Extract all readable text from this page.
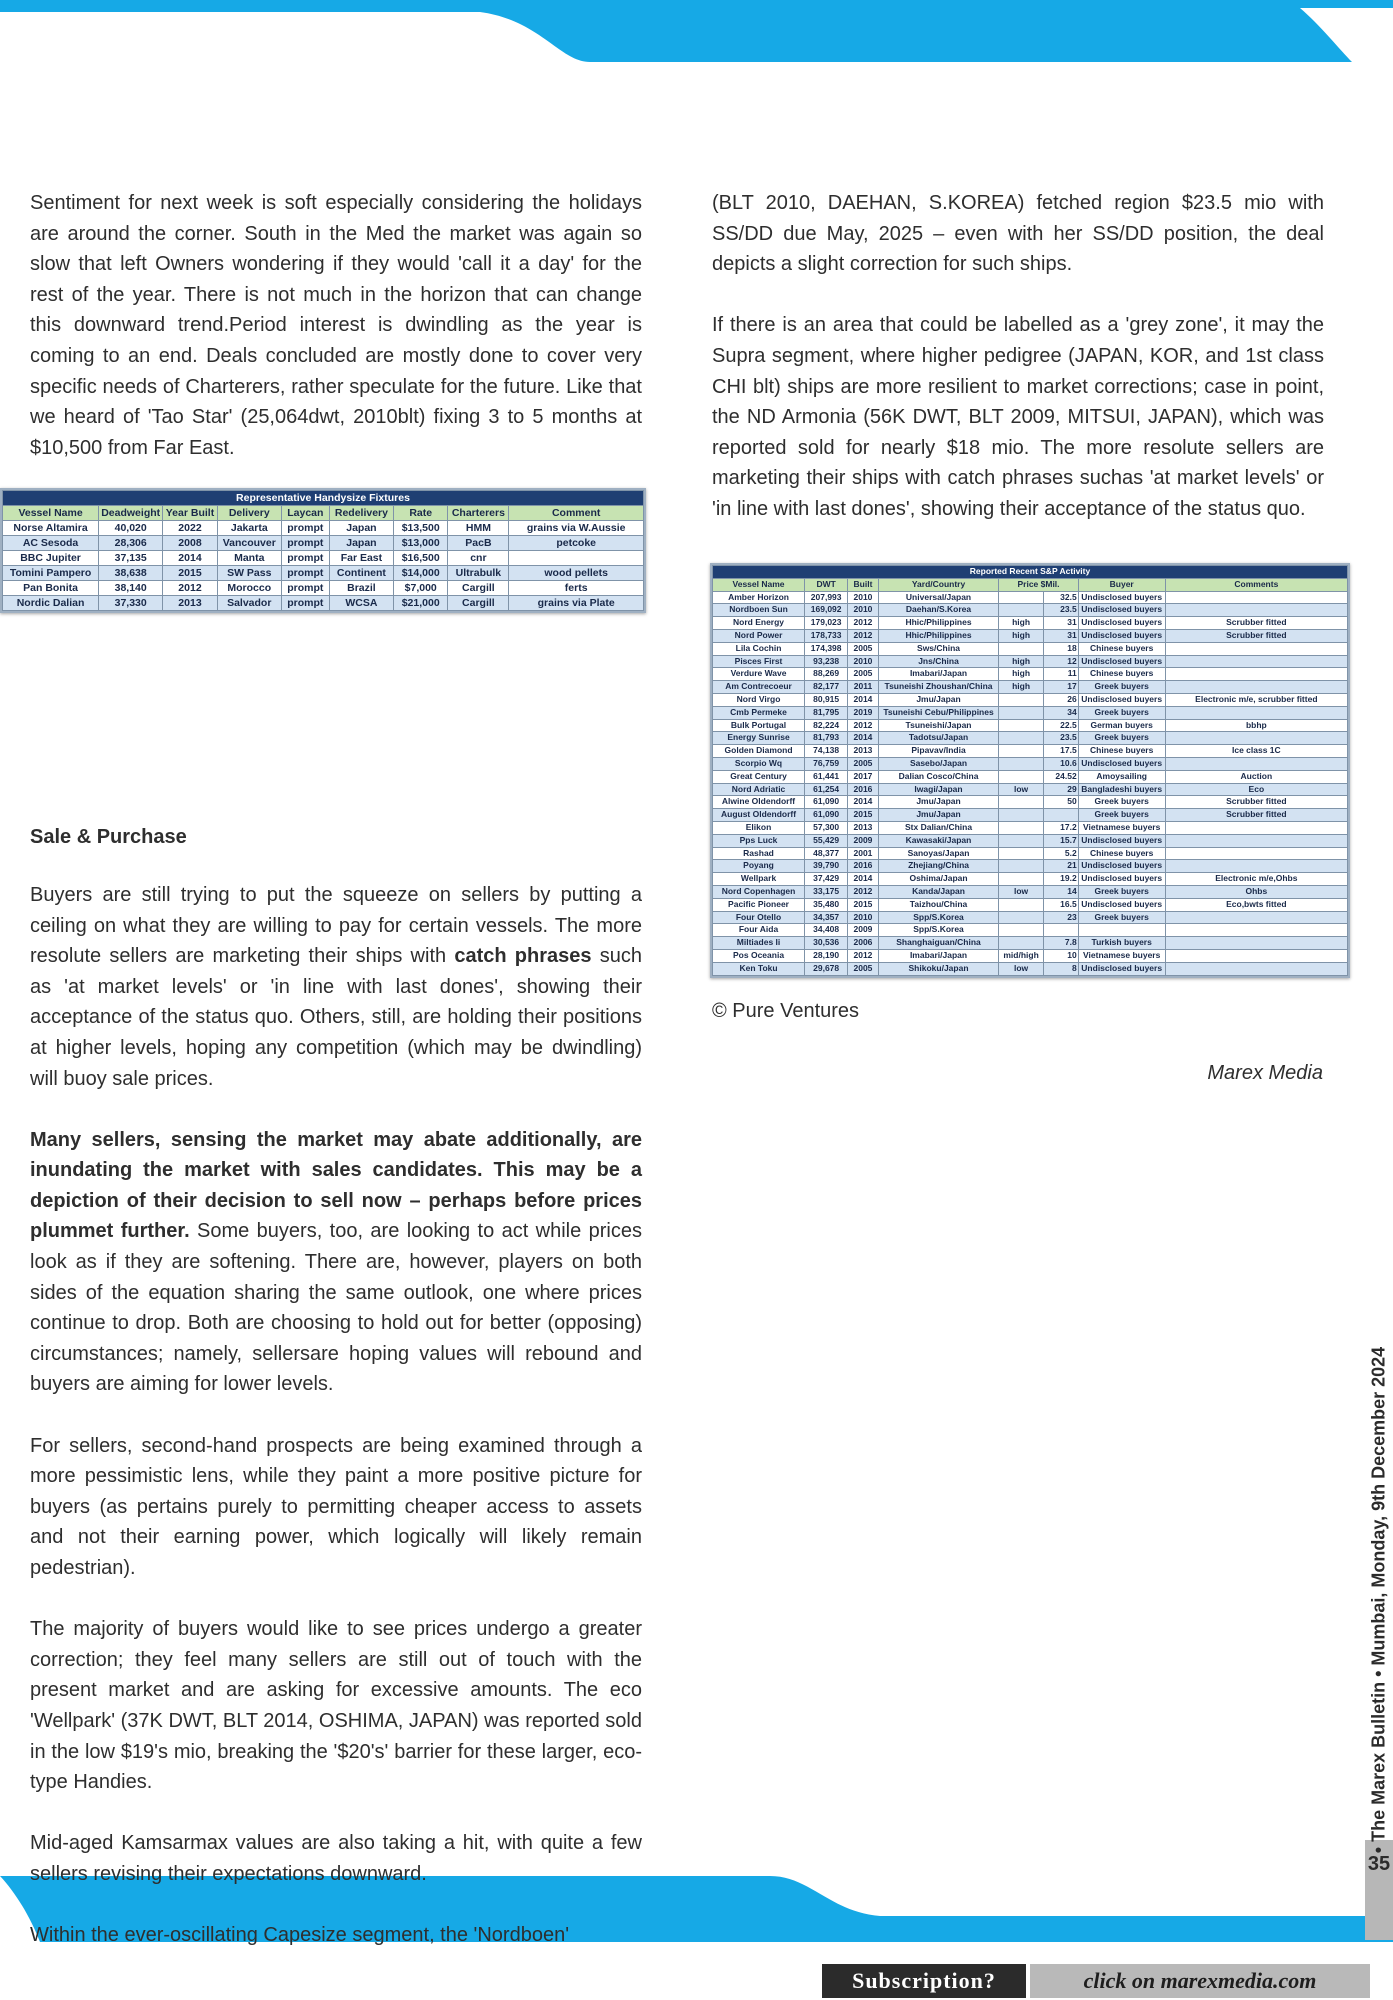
Sentiment for next week is soft especially considering the holidays are around the corner. South in the Med the market was again so slow that left Owners wondering if they would 'call it a day' for the rest of the year. There is not much in the horizon that can change this downward trend.Period interest is dwindling as the year is coming to an end. Deals concluded are mostly done to cover very specific needs of Charterers, rather speculate for the future. Like that we heard of 'Tao Star' (25,064dwt, 2010blt) fixing 3 to 5 months at $10,500 from Far East.

Sale & Purchase

Buyers are still trying to put the squeeze on sellers by putting a ceiling on what they are willing to pay for certain vessels. The more resolute sellers are marketing their ships with catch phrases such as 'at market levels' or 'in line with last dones', showing their acceptance of the status quo. Others, still, are holding their positions at higher levels, hoping any competition (which may be dwindling) will buoy sale prices.

Many sellers, sensing the market may abate additionally, are inundating the market with sales candidates. This may be a depiction of their decision to sell now – perhaps before prices plummet further. Some buyers, too, are looking to act while prices look as if they are softening. There are, however, players on both sides of the equation sharing the same outlook, one where prices continue to drop. Both are choosing to hold out for better (opposing) circumstances; namely, sellersare hoping values will rebound and buyers are aiming for lower levels.

For sellers, second-hand prospects are being examined through a more pessimistic lens, while they paint a more positive picture for buyers (as pertains purely to permitting cheaper access to assets and not their earning power, which logically will likely remain pedestrian).

The majority of buyers would like to see prices undergo a greater correction; they feel many sellers are still out of touch with the present market and are asking for excessive amounts. The eco 'Wellpark' (37K DWT, BLT 2014, OSHIMA, JAPAN) was reported sold in the low $19's mio, breaking the '$20's' barrier for these larger, eco-type Handies.

Mid-aged Kamsarmax values are also taking a hit, with quite a few sellers revising their expectations downward.

Within the ever-oscillating Capesize segment, the 'Nordboen'

Representative Handysize Fixtures								
Vessel Name	Deadweight	Year Built	Delivery	Laycan	Redelivery	Rate	Charterers	Comment
Norse Altamira	40,020	2022	Jakarta	prompt	Japan	$13,500	HMM	grains via W.Aussie
AC Sesoda	28,306	2008	Vancouver	prompt	Japan	$13,000	PacB	petcoke
BBC Jupiter	37,135	2014	Manta	prompt	Far East	$16,500	cnr	
Tomini Pampero	38,638	2015	SW Pass	prompt	Continent	$14,000	Ultrabulk	wood pellets
Pan Bonita	38,140	2012	Morocco	prompt	Brazil	$7,000	Cargill	ferts
Nordic Dalian	37,330	2013	Salvador	prompt	WCSA	$21,000	Cargill	grains via Plate

(BLT 2010, DAEHAN, S.KOREA) fetched region $23.5 mio with SS/DD due May, 2025 – even with her SS/DD position, the deal depicts a slight correction for such ships.

If there is an area that could be labelled as a 'grey zone', it may the Supra segment, where higher pedigree (JAPAN, KOR, and 1st class CHI blt) ships are more resilient to market corrections; case in point, the ND Armonia (56K DWT, BLT 2009, MITSUI, JAPAN), which was reported sold for nearly $18 mio. The more resolute sellers are marketing their ships with catch phrases suchas 'at market levels' or 'in line with last dones', showing their acceptance of the status quo.

Reported Recent S&P Activity							
Vessel Name	DWT	Built	Yard/Country	Price $Mil.		Buyer	Comments
Amber Horizon	207,993	2010	Universal/Japan		32.5	Undisclosed buyers	
Nordboen Sun	169,092	2010	Daehan/S.Korea		23.5	Undisclosed buyers	
Nord Energy	179,023	2012	Hhic/Philippines	high	31	Undisclosed buyers	Scrubber fitted
Nord Power	178,733	2012	Hhic/Philippines	high	31	Undisclosed buyers	Scrubber fitted
Lila Cochin	174,398	2005	Sws/China		18	Chinese buyers	
Pisces First	93,238	2010	Jns/China	high	12	Undisclosed buyers	
Verdure Wave	88,269	2005	Imabari/Japan	high	11	Chinese buyers	
Am Contrecoeur	82,177	2011	Tsuneishi Zhoushan/China	high	17	Greek buyers	
Nord Virgo	80,915	2014	Jmu/Japan		26	Undisclosed buyers	Electronic m/e, scrubber fitted
Cmb Permeke	81,795	2019	Tsuneishi Cebu/Philippines		34	Greek buyers	
Bulk Portugal	82,224	2012	Tsuneishi/Japan		22.5	German buyers	bbhp
Energy Sunrise	81,793	2014	Tadotsu/Japan		23.5	Greek buyers	
Golden Diamond	74,138	2013	Pipavav/India		17.5	Chinese buyers	Ice class 1C
Scorpio Wq	76,759	2005	Sasebo/Japan		10.6	Undisclosed buyers	
Great Century	61,441	2017	Dalian Cosco/China		24.52	Amoysailing	Auction
Nord Adriatic	61,254	2016	Iwagi/Japan	low	29	Bangladeshi buyers	Eco
Alwine Oldendorff	61,090	2014	Jmu/Japan		50	Greek buyers	Scrubber fitted
August Oldendorff	61,090	2015	Jmu/Japan			Greek buyers	Scrubber fitted
Elikon	57,300	2013	Stx Dalian/China		17.2	Vietnamese buyers	
Pps Luck	55,429	2009	Kawasaki/Japan		15.7	Undisclosed buyers	
Rashad	48,377	2001	Sanoyas/Japan		5.2	Chinese buyers	
Poyang	39,790	2016	Zhejiang/China		21	Undisclosed buyers	
Wellpark	37,429	2014	Oshima/Japan		19.2	Undisclosed buyers	Electronic m/e,Ohbs
Nord Copenhagen	33,175	2012	Kanda/Japan	low	14	Greek buyers	Ohbs
Pacific Pioneer	35,480	2015	Taizhou/China		16.5	Undisclosed buyers	Eco,bwts fitted
Four Otello	34,357	2010	Spp/S.Korea		23	Greek buyers	
Four Aida	34,408	2009	Spp/S.Korea				
Miltiades Ii	30,536	2006	Shanghaiguan/China		7.8	Turkish buyers	
Pos Oceania	28,190	2012	Imabari/Japan	mid/high	10	Vietnamese buyers	
Ken Toku	29,678	2005	Shikoku/Japan	low	8	Undisclosed buyers	
© Pure Ventures
Marex Media
• The Marex Bulletin • Mumbai, Monday, 9th December 2024
35
Subscription?	click on marexmedia.com
